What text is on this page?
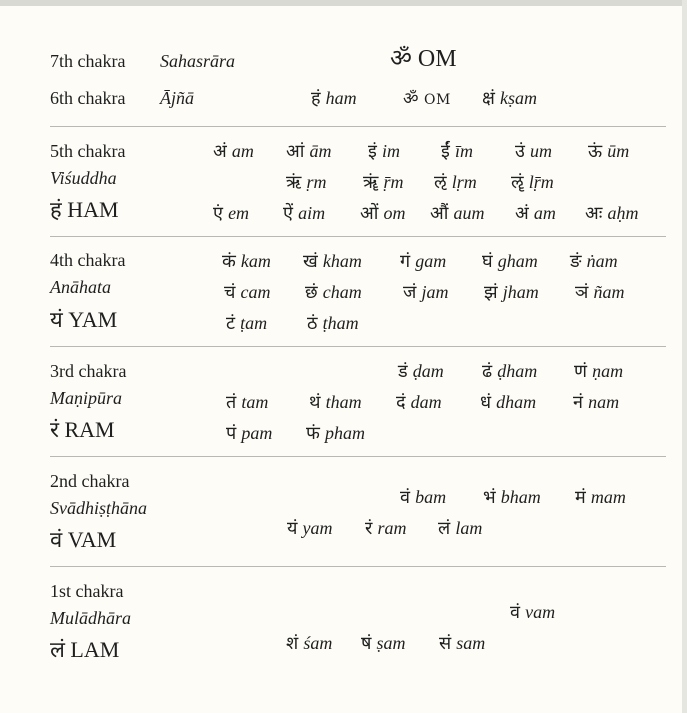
7th chakra Sahasrāra	ॐ OM
6th chakra Ājñā	हं ham	ॐ OM क्षं kṣam
5th chakra
Viśuddha
हं HAM
अं am आं ām इं im ईं īm उं um ऊं ūm
ऋं ṛm ॠं ṝm ऌं lṛm ॡं lṝm
एं em ऐं aim ओं om औं aum अं am अः aḥm
4th chakra
Anāhata
यं YAM
कं kam खं kham गं gam घं gham ङं ṅam
चं cam छं cham जं jam झं jham ञं ñam
टं ṭam ठं ṭham
3rd chakra
Maṇipūra
रं RAM
डं ḍam ढं ḍham णं ṇam
तं tam थं tham दं dam धं dham नं nam
पं pam फं pham
2nd chakra
Svādhiṣṭhāna
वं VAM
वं bam भं bham मं mam
यं yam रं ram लं lam
1st chakra
Mulādhāra
लं LAM
वं vam
शं śam षं ṣam सं sam
